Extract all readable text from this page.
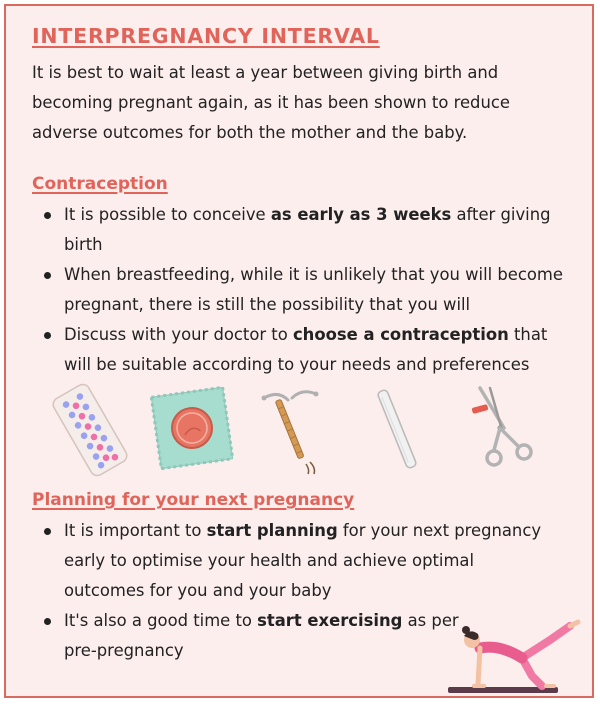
INTERPREGNANCY INTERVAL

It is best to wait at least a year between giving birth and becoming pregnant again, as it has been shown to reduce adverse outcomes for both the mother and the baby.

Contraception
It is possible to conceive as early as 3 weeks after giving birth
When breastfeeding, while it is unlikely that you will become pregnant, there is still the possibility that you will
Discuss with your doctor to choose a contraception that will be suitable according to your needs and preferences
Planning for your next pregnancy
It is important to start planning for your next pregnancy early to optimise your health and achieve optimal outcomes for you and your baby
It's also a good time to start exercising as per pre-pregnancy
